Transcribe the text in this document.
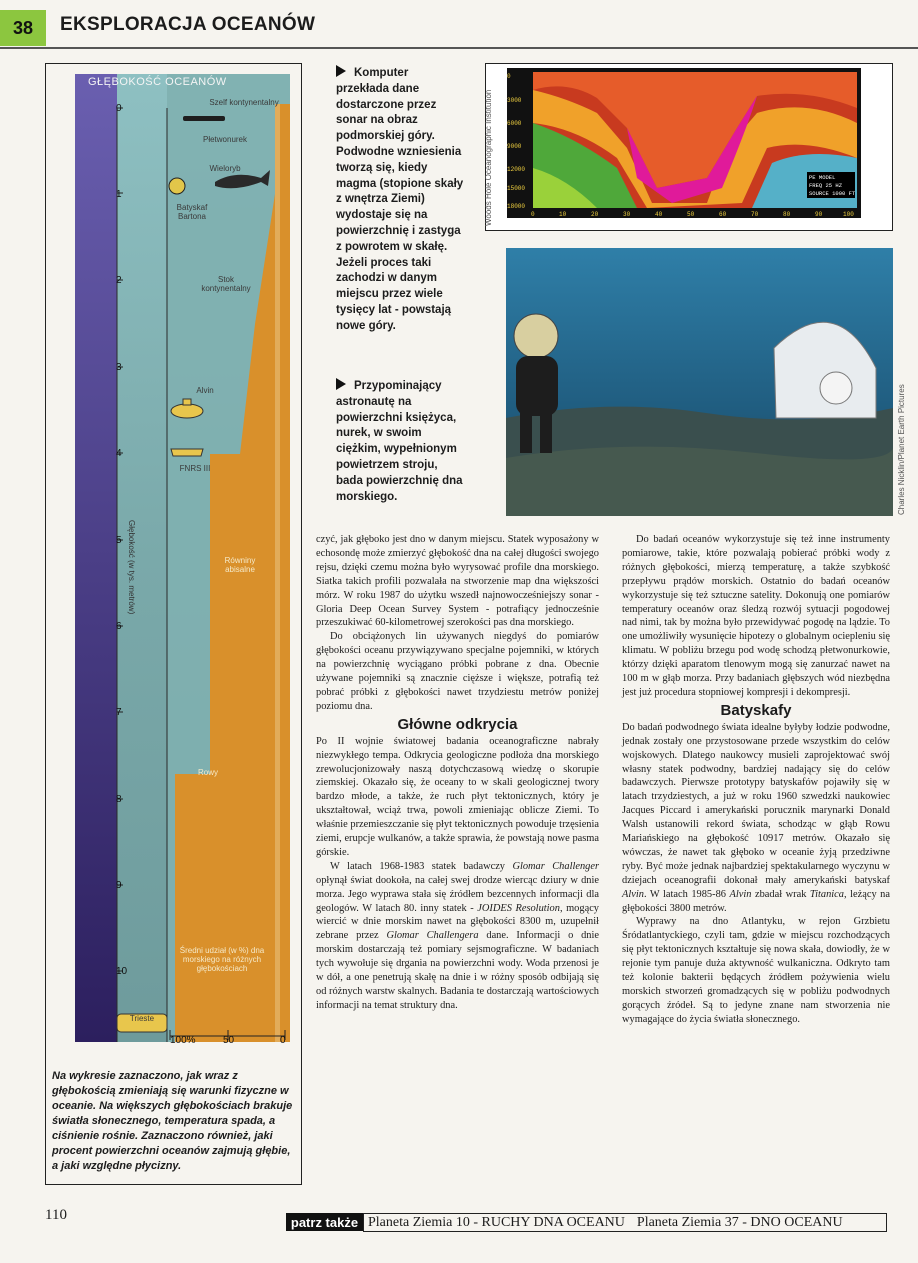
38	EKSPLORACJA OCEANÓW
GŁĘBOKOŚĆ OCEANÓW
0
1
2
3
4
5
6
7
8
9
10
Głębokość (w tys. metrów)
Szelf kontynentalny
Płetwonurek
Wieloryb
Batyskaf Bartona
Stok kontynentalny
Alvin
FNRS III
Równiny abisalne
Rowy
Średni udział (w %) dna morskiego na różnych głębokościach
Trieste
100%	50	0
Na wykresie zaznaczono, jak wraz z głębokością zmieniają się warunki fizyczne w oceanie. Na większych głębokościach brakuje światła słonecznego, temperatura spada, a ciśnienie rośnie. Zaznaczono również, jaki procent powierzchni oceanów zajmują głębie, a jaki względne płycizny.
Komputer przekłada dane dostarczone przez sonar na obraz podmorskiej góry. Podwodne wzniesienia tworzą się, kiedy magma (stopione skały z wnętrza Ziemi) wydostaje się na powierzchnię i zastyga z powrotem w skałę. Jeżeli proces taki zachodzi w danym miejscu przez wiele tysięcy lat - powstają nowe góry.
Przypominający astronautę na powierzchni księżyca, nurek, w swoim ciężkim, wypełnionym powietrzem stroju, bada powierzchnię dna morskiego.
Woods Hole Oceanographic Institution
0
3000
6000
9000
12000
15000
18000
0	10	20	30	40	50	60	70	80	90	100
PE MODEL
FREQ 25 HZ
SOURCE 1000 FT
Charles Nicklin/Planet Earth Pictures

czyć, jak głęboko jest dno w danym miejscu. Statek wyposażony w echosondę może zmierzyć głębokość dna na całej długości swojego rejsu, dzięki czemu można było wyrysować profile dna morskiego. Siatka takich profili pozwalała na stworzenie map dna większości mórz. W roku 1987 do użytku wszedł najnowocześniejszy sonar - Gloria Deep Ocean Survey System - potrafiący jednocześnie przeszukiwać 60-kilometrowej szerokości pas dna morskiego.

Do obciążonych lin używanych niegdyś do pomiarów głębokości oceanu przywiązywano specjalne pojemniki, w których na powierzchnię wyciągano próbki pobrane z dna. Obecnie używane pojemniki są znacznie cięższe i większe, potrafią też pobrać próbki z głębokości nawet trzydziestu metrów poniżej poziomu dna.

Główne odkrycia

Po II wojnie światowej badania oceanograficzne nabrały niezwykłego tempa. Odkrycia geologiczne podłoża dna morskiego zrewolucjonizowały naszą dotychczasową wiedzę o skorupie ziemskiej. Okazało się, że oceany to w skali geologicznej twory bardzo młode, a także, że ruch płyt tektonicznych, który je ukształtował, wciąż trwa, powoli zmieniając oblicze Ziemi. To właśnie przemieszczanie się płyt tektonicznych powoduje trzęsienia ziemi, erupcje wulkanów, a także sprawia, że powstają nowe pasma górskie.

W latach 1968-1983 statek badawczy Glomar Challenger opłynął świat dookoła, na całej swej drodze wiercąc dziury w dnie morza. Jego wyprawa stała się źródłem bezcennych informacji dla geologów. W latach 80. inny statek - JOIDES Resolution, mogący wiercić w dnie morskim nawet na głębokości 8300 m, uzupełnił zebrane przez Glomar Challengera dane. Informacji o dnie morskim dostarczają też pomiary sejsmograficzne. W badaniach tych wywołuje się drgania na powierzchni wody. Woda przenosi je w dół, a one penetrują skałę na dnie i w różny sposób odbijają się od różnych warstw skalnych. Badania te dostarczają wartościowych informacji na temat struktury dna.

Do badań oceanów wykorzystuje się też inne instrumenty pomiarowe, takie, które pozwalają pobierać próbki wody z różnych głębokości, mierzą temperaturę, a także szybkość przepływu prądów morskich. Ostatnio do badań oceanów wykorzystuje się też sztuczne satelity. Dokonują one pomiarów temperatury oceanów oraz śledzą rozwój sytuacji pogodowej nad nimi, tak by można było przewidywać pogodę na lądzie. To one umożliwiły wysunięcie hipotezy o globalnym ociepleniu się klimatu. W pobliżu brzegu pod wodę schodzą płetwonurkowie, którzy dzięki aparatom tlenowym mogą się zanurzać nawet na 100 m w głąb morza. Przy badaniach głębszych wód niezbędna jest już procedura stopniowej kompresji i dekompresji.

Batyskafy

Do badań podwodnego świata idealne byłyby łodzie podwodne, jednak zostały one przystosowane przede wszystkim do celów wojskowych. Dlatego naukowcy musieli zaprojektować swój własny statek podwodny, bardziej nadający się do celów badawczych. Pierwsze prototypy batyskafów pojawiły się w latach trzydziestych, a już w roku 1960 szwedzki naukowiec Jacques Piccard i amerykański porucznik marynarki Donald Walsh ustanowili rekord świata, schodząc w głąb Rowu Mariańskiego na głębokość 10917 metrów. Okazało się wówczas, że nawet tak głęboko w oceanie żyją przedziwne ryby. Być może jednak najbardziej spektakularnego wyczynu w dziejach oceanografii dokonał mały amerykański batyskaf Alvin. W latach 1985-86 Alvin zbadał wrak Titanica, leżący na głębokości 3800 metrów.

Wyprawy na dno Atlantyku, w rejon Grzbietu Śródatlantyckiego, czyli tam, gdzie w miejscu rozchodzących się płyt tektonicznych kształtuje się nowa skała, dowiodły, że w rejonie tym panuje duża aktywność wulkaniczna. Odkryto tam też kolonie bakterii będących źródłem pożywienia wielu morskich stworzeń gromadzących się w pobliżu podwodnych gorących źródeł. Są to jedyne znane nam stworzenia nie wymagające do życia światła słonecznego.

110	patrz także Planeta Ziemia 10 - RUCHY DNA OCEANU Planeta Ziemia 37 - DNO OCEANU
